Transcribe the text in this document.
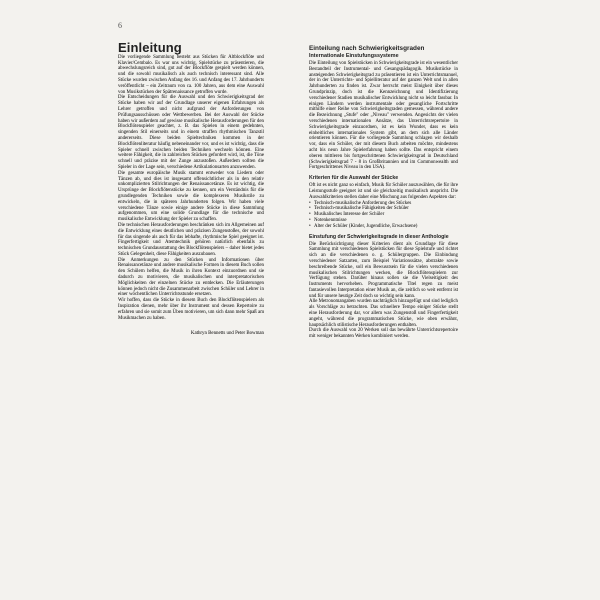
6
Einleitung

Die vorliegende Sammlung besteht aus Stücken für Altblockflöte und Klavier/Cembalo. Es war uns wichtig, Spielstücke zu präsentieren, die abwechslungsreich sind, gut auf der Blockflöte gespielt werden können, und die sowohl musikalisch als auch technisch interessant sind. Alle Stücke wurden zwischen Anfang des 16. und Anfang des 17. Jahrhunderts veröffentlicht – ein Zeitraum von ca. 100 Jahren, aus dem eine Auswahl von Musikstücken der Spätrenaissance getroffen wurde.

Die Entscheidungen für die Auswahl und den Schwierigkeitsgrad der Stücke haben wir auf der Grundlage unserer eigenen Erfahrungen als Lehrer getroffen und nicht aufgrund der Anforderungen von Prüfungsausschüssen oder Wettbewerben. Bei der Auswahl der Stücke haben wir außerdem auf gewisse musikalische Herausforderungen für den Blockflötenspieler geachtet, z. B. das Spielen in einem gedehnten, singenden Stil einerseits und in einem straffen rhythmischen Tanzstil andererseits. Diese beiden Spieltechniken kommen in der Blockflötenliteratur häufig nebeneinander vor, und es ist wichtig, dass die Spieler schnell zwischen beiden Techniken wechseln können. Eine weitere Fähigkeit, die in zahlreichen Stücken gefordert wird, ist, die Töne schnell und präzise mit der Zunge anzustoßen. Außerdem sollten die Spieler in der Lage sein, verschiedene Artikulationsarten anzuwenden.

Die gesamte europäische Musik stammt entweder von Liedern oder Tänzen ab, und dies ist insgesamt offensichtlicher als in den relativ unkomplizierten Stilrichtungen der Renaissancetänze. Es ist wichtig, die Ursprünge der Blockflötenstücke zu kennen, um ein Verständnis für die grundlegenden Techniken sowie die komplexeren Musikstile zu entwickeln, die in späteren Jahrhunderten folgen. Wir haben viele verschiedene Tänze sowie einige andere Stücke in diese Sammlung aufgenommen, um eine solide Grundlage für die technische und musikalische Entwicklung der Spieler zu schaffen.

Die technischen Herausforderungen beschränken sich im Allgemeinen auf die Entwicklung eines deutlichen und präzisen Zungenstoßes, der sowohl für das singende als auch für das lebhafte, rhythmische Spiel geeignet ist. Fingerfertigkeit und Atemtechnik gehören natürlich ebenfalls zu technischen Grundausstattung des Blockflötenspielers – daher bietet jedes Stück Gelegenheit, diese Fähigkeiten auszubauen.

Die Anmerkungen zu den Stücken und Informationen über Renaissancetänze und andere musikalische Formen in diesem Buch sollen den Schülern helfen, die Musik in ihren Kontext einzuordnen und sie dadurch zu motivieren, die musikalischen und interpretatorischen Möglichkeiten der einzelnen Stücke zu entdecken. Die Erläuterungen können jedoch nicht die Zusammenarbeit zwischen Schüler und Lehrer in einer wöchentlichen Unterrichtsstunde ersetzen.

Wir hoffen, dass die Stücke in diesem Buch den Blockflötenspielern als Inspiration dienen, mehr über ihr Instrument und dessen Repertoire zu erfahren und sie somit zum Üben motivieren, um sich dann mehr Spaß am Musikmachen zu haben.

Kathryn Bennetts und Peter Bowman

Einteilung nach Schwierigkeitsgraden
Internationale Einstufungssysteme

Die Einteilung von Spielstücken in Schwierigkeitsgrade ist ein wesentlicher Bestandteil der Instrumental- und Gesangspädagogik. Musikstücke in ansteigenden Schwierigkeitsgrad zu präsentieren ist ein Unterrichtsmanuel, der in der Unterrichts- und Spielliteratur auf der ganzen Welt und in allen Jahrhunderten zu finden ist. Zwar herrscht meist Einigkeit über dieses Grundprinzip, doch ist die Kennzeichnung und Identifizierung verschiedener Stadien musikalischer Entwicklung nicht so leicht fassbar. In einigen Ländern werden instrumentale oder gesangliche Fortschritte mithilfe einer Reihe von Schwierigkeitsgraden gemessen, während andere die Bezeichnung „Stufe" oder „Niveau" verwenden. Angesichts der vielen verschiedenen internationalen Ansätze, das Unterrichtsrepertoire in Schwierigkeitsgrade einzuordnen, ist es kein Wunder, dass es kein einheitliches internationales System gibt, an dem sich alle Länder orientieren können. Für die vorliegende Sammlung schlagen wir deshalb vor, dass ein Schüler, der mit diesem Buch arbeiten möchte, mindestens acht bis neun Jahre Spielerfahrung haben sollte. Das entspricht einem oberen mittleren bis fortgeschrittenen Schwierigkeitsgrad in Deutschland (Schwierigkeitsgrad 7 - 8 in Großbritannien und im Commonwealth und Fortgeschrittenes Niveau in den USA).

Kriterien für die Auswahl der Stücke

Oft ist es nicht ganz so einfach, Musik für Schüler auszuwählen, die für ihre Leistungsstufe geeignet ist und sie gleichzeitig musikalisch anspricht. Die Auswahlkriterien stellen daher eine Mischung aus folgenden Aspekten dar:

• Technisch-musikalische Anforderung des Stückes
• Technisch-musikalische Fähigkeiten der Schüler
• Musikalisches Interesse der Schüler
• Notenkenntnisse
• Alter der Schüler (Kinder, Jugendliche, Erwachsene)
Einstufung der Schwierigkeitsgrade in dieser Anthologie

Die Berücksichtigung dieser Kriterien dient als Grundlage für diese Sammlung mit verschiedenen Spielstücken für diese Spielstufe und richtet sich an die verschiedenen o. g. Schülergruppen. Die Einbindung verschiedener Satzarten, zum Beispiel Variationssätze, abstrakte sowie beschreibende Stücke, soll ein Bewusstsein für die vielen verschiedenen musikalischen Stilrichtungen wecken, die Blockflötenspielern zur Verfügung stehen. Darüber hinaus sollen sie die Vielseitigkeit des Instruments hervorheben. Programmatische Titel regen zu meist fantasievollen Interpretation einer Musik an, die zeitlich so weit entfernt ist und für unsere heutige Zeit doch so wichtig sein kann.

Alle Metronomangaben wurden nachträglich hinzugefügt und sind lediglich als Vorschläge zu betrachten. Das schnellere Tempo einiger Stücke stellt eine Herausforderung dar, vor allem was Zungenstoß und Fingerfertigkeit angeht, während die programmatischen Stücke, wie oben erwähnt, hauptsächlich stilistische Herausforderungen enthalten.

Durch die Auswahl von 20 Werken soll das bewährte Unterrichtsrepertoire mit weniger bekannten Werken kombiniert werden.
